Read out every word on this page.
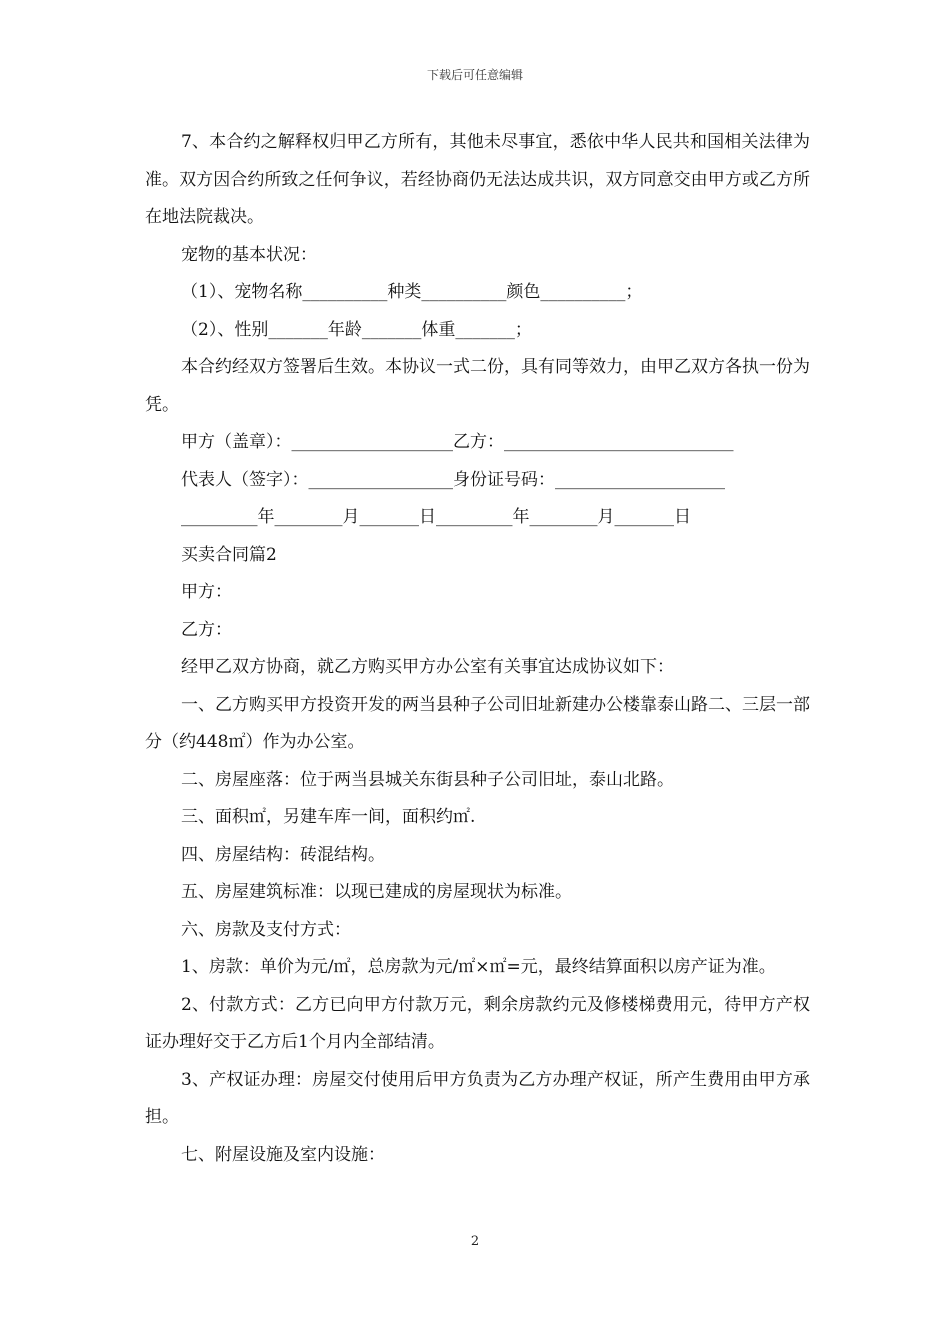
下载后可任意编辑

7、本合约之解释权归甲乙方所有，其他未尽事宜，悉依中华人民共和国相关法律为准。双方因合约所致之任何争议，若经协商仍无法达成共识，双方同意交由甲方或乙方所在地法院裁决。

宠物的基本状况：

（1）、宠物名称__________种类__________颜色__________；

（2）、性别_______年龄_______体重_______；

本合约经双方签署后生效。本协议一式二份，具有同等效力，由甲乙双方各执一份为凭。

甲方（盖章）：___________________乙方：___________________________

代表人（签字）：_________________身份证号码：____________________

_________年________月_______日_________年________月_______日

买卖合同篇2

甲方：

乙方：

经甲乙双方协商，就乙方购买甲方办公室有关事宜达成协议如下：

一、乙方购买甲方投资开发的两当县种子公司旧址新建办公楼靠泰山路二、三层一部分（约448㎡）作为办公室。

二、房屋座落：位于两当县城关东街县种子公司旧址，泰山北路。

三、面积㎡，另建车库一间，面积约㎡.

四、房屋结构：砖混结构。

五、房屋建筑标准：以现已建成的房屋现状为标准。

六、房款及支付方式：

1、房款：单价为元/㎡，总房款为元/㎡×㎡=元，最终结算面积以房产证为准。

2、付款方式：乙方已向甲方付款万元，剩余房款约元及修楼梯费用元，待甲方产权证办理好交于乙方后1个月内全部结清。

3、产权证办理：房屋交付使用后甲方负责为乙方办理产权证，所产生费用由甲方承担。

七、附屋设施及室内设施：

2
